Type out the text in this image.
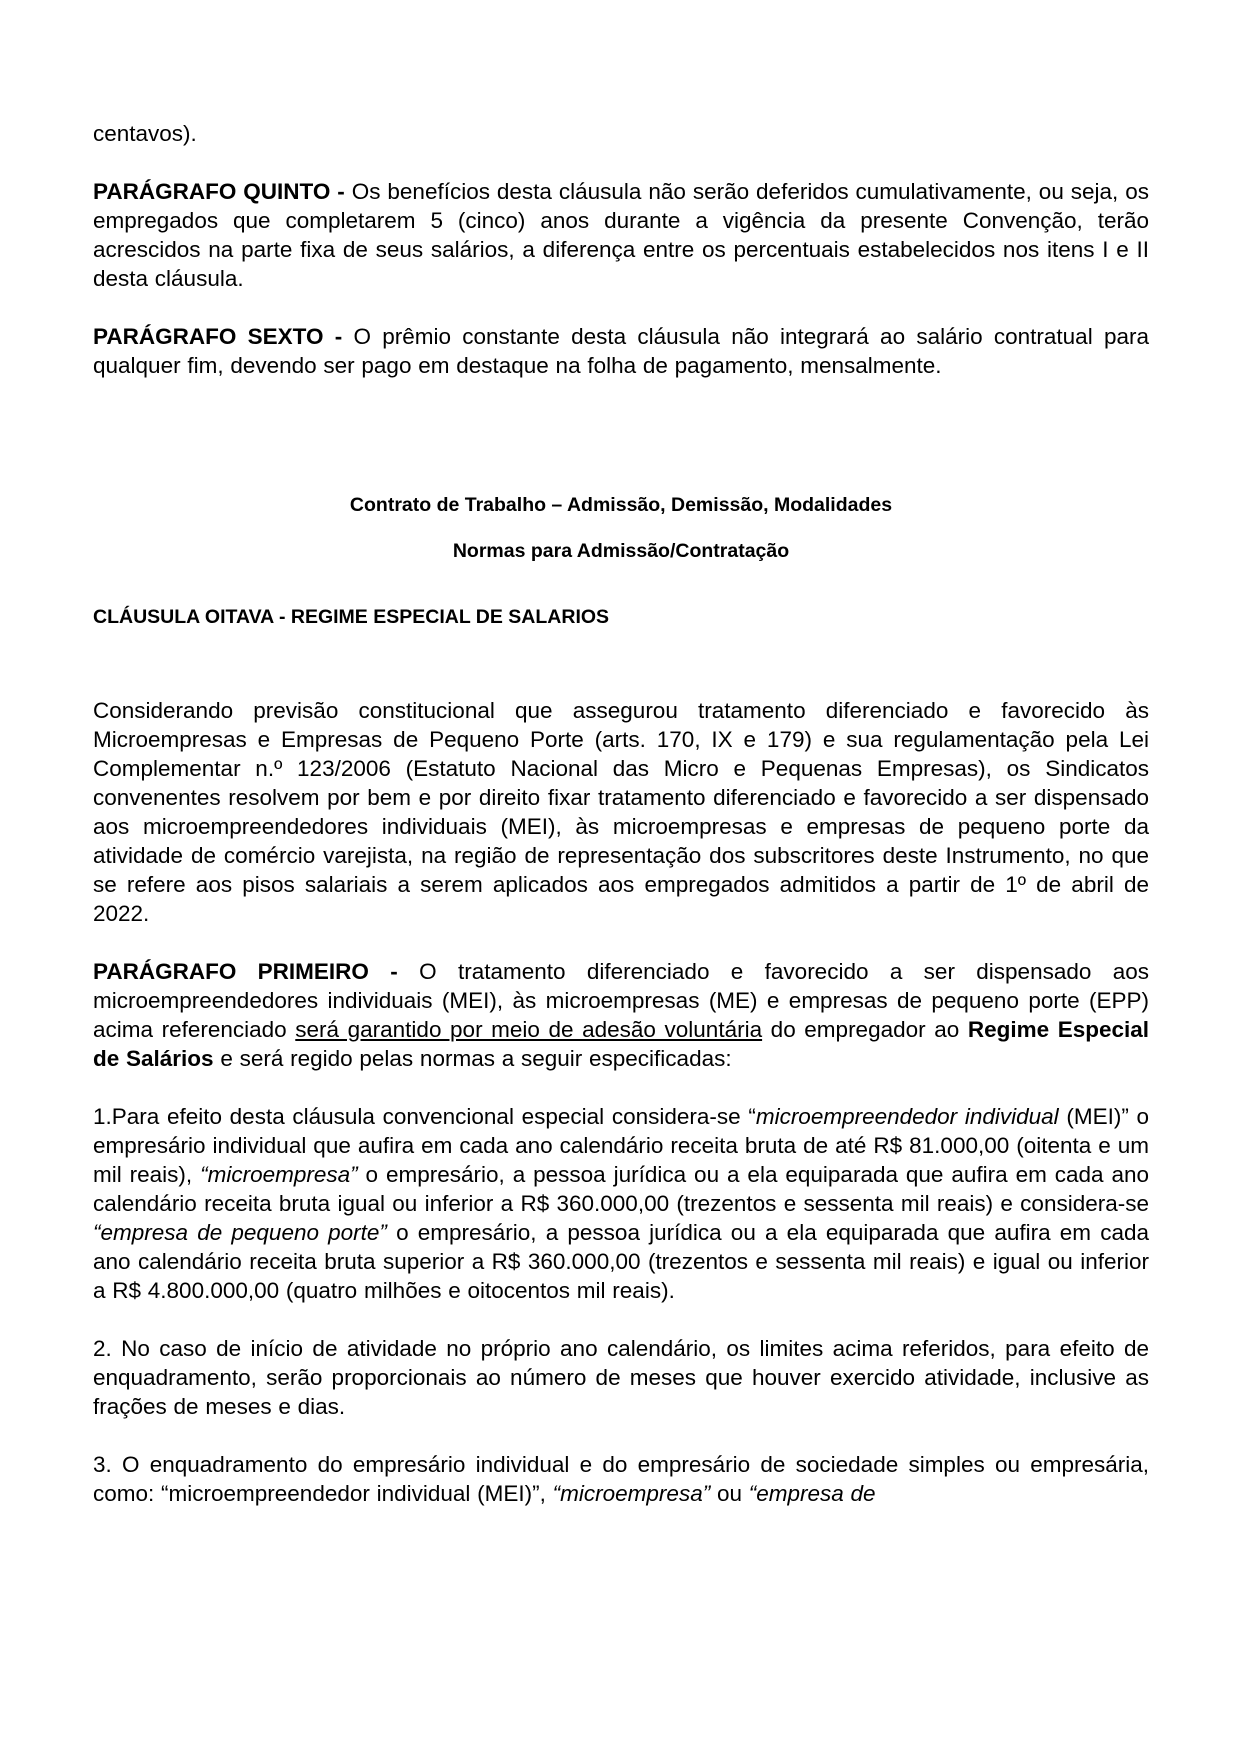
centavos).

PARÁGRAFO QUINTO - Os benefícios desta cláusula não serão deferidos cumulativamente, ou seja, os empregados que completarem 5 (cinco) anos durante a vigência da presente Convenção, terão acrescidos na parte fixa de seus salários, a diferença entre os percentuais estabelecidos nos itens I e II desta cláusula.

PARÁGRAFO SEXTO - O prêmio constante desta cláusula não integrará ao salário contratual para qualquer fim, devendo ser pago em destaque na folha de pagamento, mensalmente.

Contrato de Trabalho – Admissão, Demissão, Modalidades

Normas para Admissão/Contratação

CLÁUSULA OITAVA - REGIME ESPECIAL DE SALARIOS

Considerando previsão constitucional que assegurou tratamento diferenciado e favorecido às Microempresas e Empresas de Pequeno Porte (arts. 170, IX e 179) e sua regulamentação pela Lei Complementar n.º 123/2006 (Estatuto Nacional das Micro e Pequenas Empresas), os Sindicatos convenentes resolvem por bem e por direito fixar tratamento diferenciado e favorecido a ser dispensado aos microempreendedores individuais (MEI), às microempresas e empresas de pequeno porte da atividade de comércio varejista, na região de representação dos subscritores deste Instrumento, no que se refere aos pisos salariais a serem aplicados aos empregados admitidos a partir de 1º de abril de 2022.

PARÁGRAFO PRIMEIRO - O tratamento diferenciado e favorecido a ser dispensado aos microempreendedores individuais (MEI), às microempresas (ME) e empresas de pequeno porte (EPP) acima referenciado será garantido por meio de adesão voluntária do empregador ao Regime Especial de Salários e será regido pelas normas a seguir especificadas:

1.Para efeito desta cláusula convencional especial considera-se “microempreendedor individual (MEI)” o empresário individual que aufira em cada ano calendário receita bruta de até R$ 81.000,00 (oitenta e um mil reais), “microempresa” o empresário, a pessoa jurídica ou a ela equiparada que aufira em cada ano calendário receita bruta igual ou inferior a R$ 360.000,00 (trezentos e sessenta mil reais) e considera-se “empresa de pequeno porte” o empresário, a pessoa jurídica ou a ela equiparada que aufira em cada ano calendário receita bruta superior a R$ 360.000,00 (trezentos e sessenta mil reais) e igual ou inferior a R$ 4.800.000,00 (quatro milhões e oitocentos mil reais).

2. No caso de início de atividade no próprio ano calendário, os limites acima referidos, para efeito de enquadramento, serão proporcionais ao número de meses que houver exercido atividade, inclusive as frações de meses e dias.

3. O enquadramento do empresário individual e do empresário de sociedade simples ou empresária, como: “microempreendedor individual (MEI)”, “microempresa” ou “empresa de
